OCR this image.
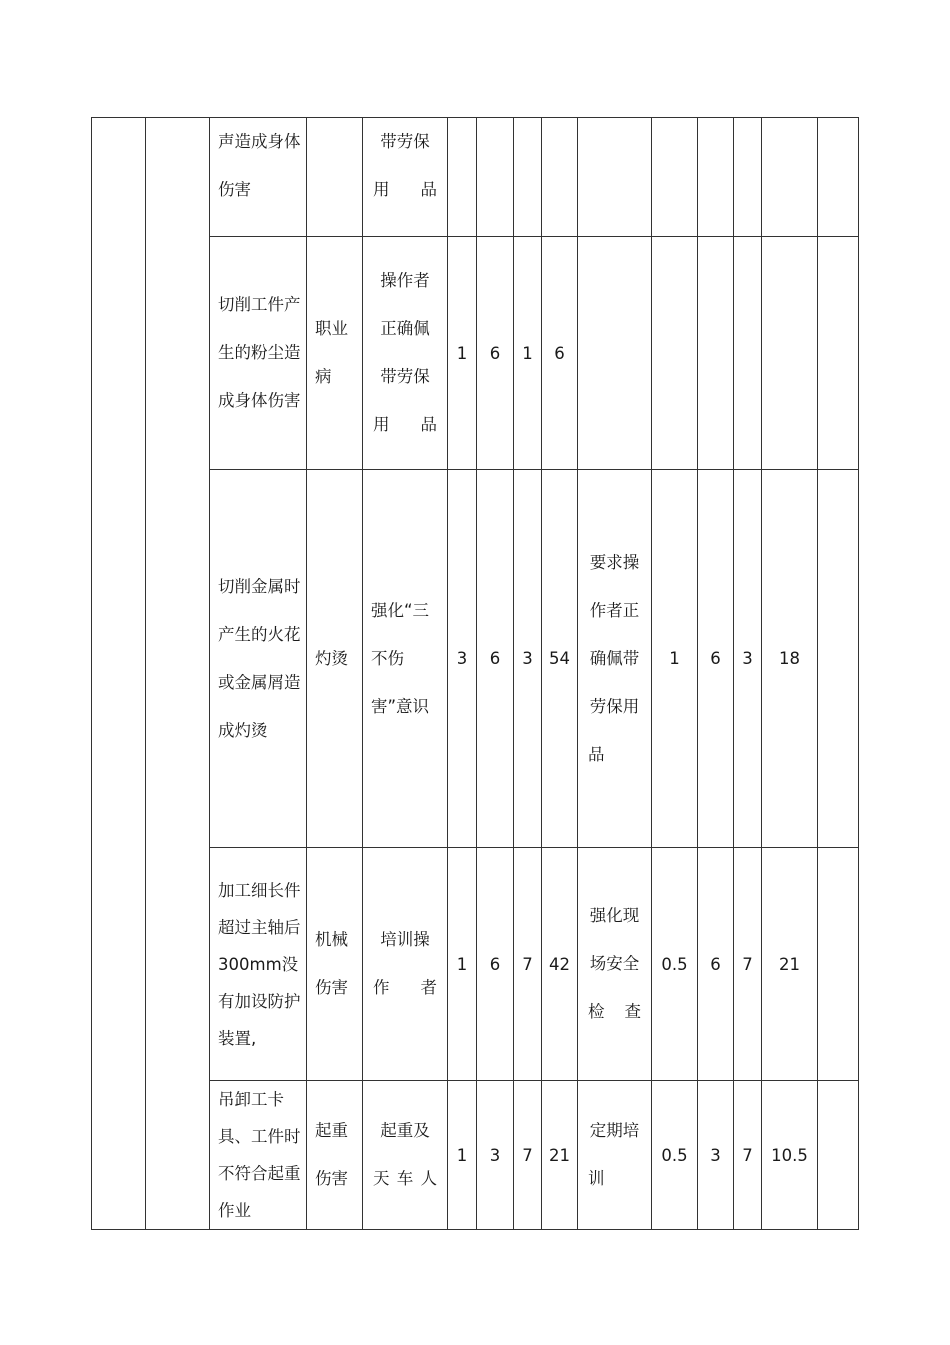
		声造成身体伤害		带劳保用品										
		切削工件产生的粉尘造成身体伤害	职业病	操作者正确佩带劳保用品	1	6	1	6						
		切削金属时产生的火花或金属屑造成灼烫	灼烫	强化“三不伤害”意识	3	6	3	54	要求操作者正确佩带劳保用品	1	6	3	18	
		加工细长件超过主轴后 300mm没有加设防护装置,	机械伤害	培训操作者	1	6	7	42	强化现场安全检查	0.5	6	7	21	
		吊卸工卡具、工件时不符合起重作业	起重伤害	起重及天车人	1	3	7	21	定期培训	0.5	3	7	10.5	
